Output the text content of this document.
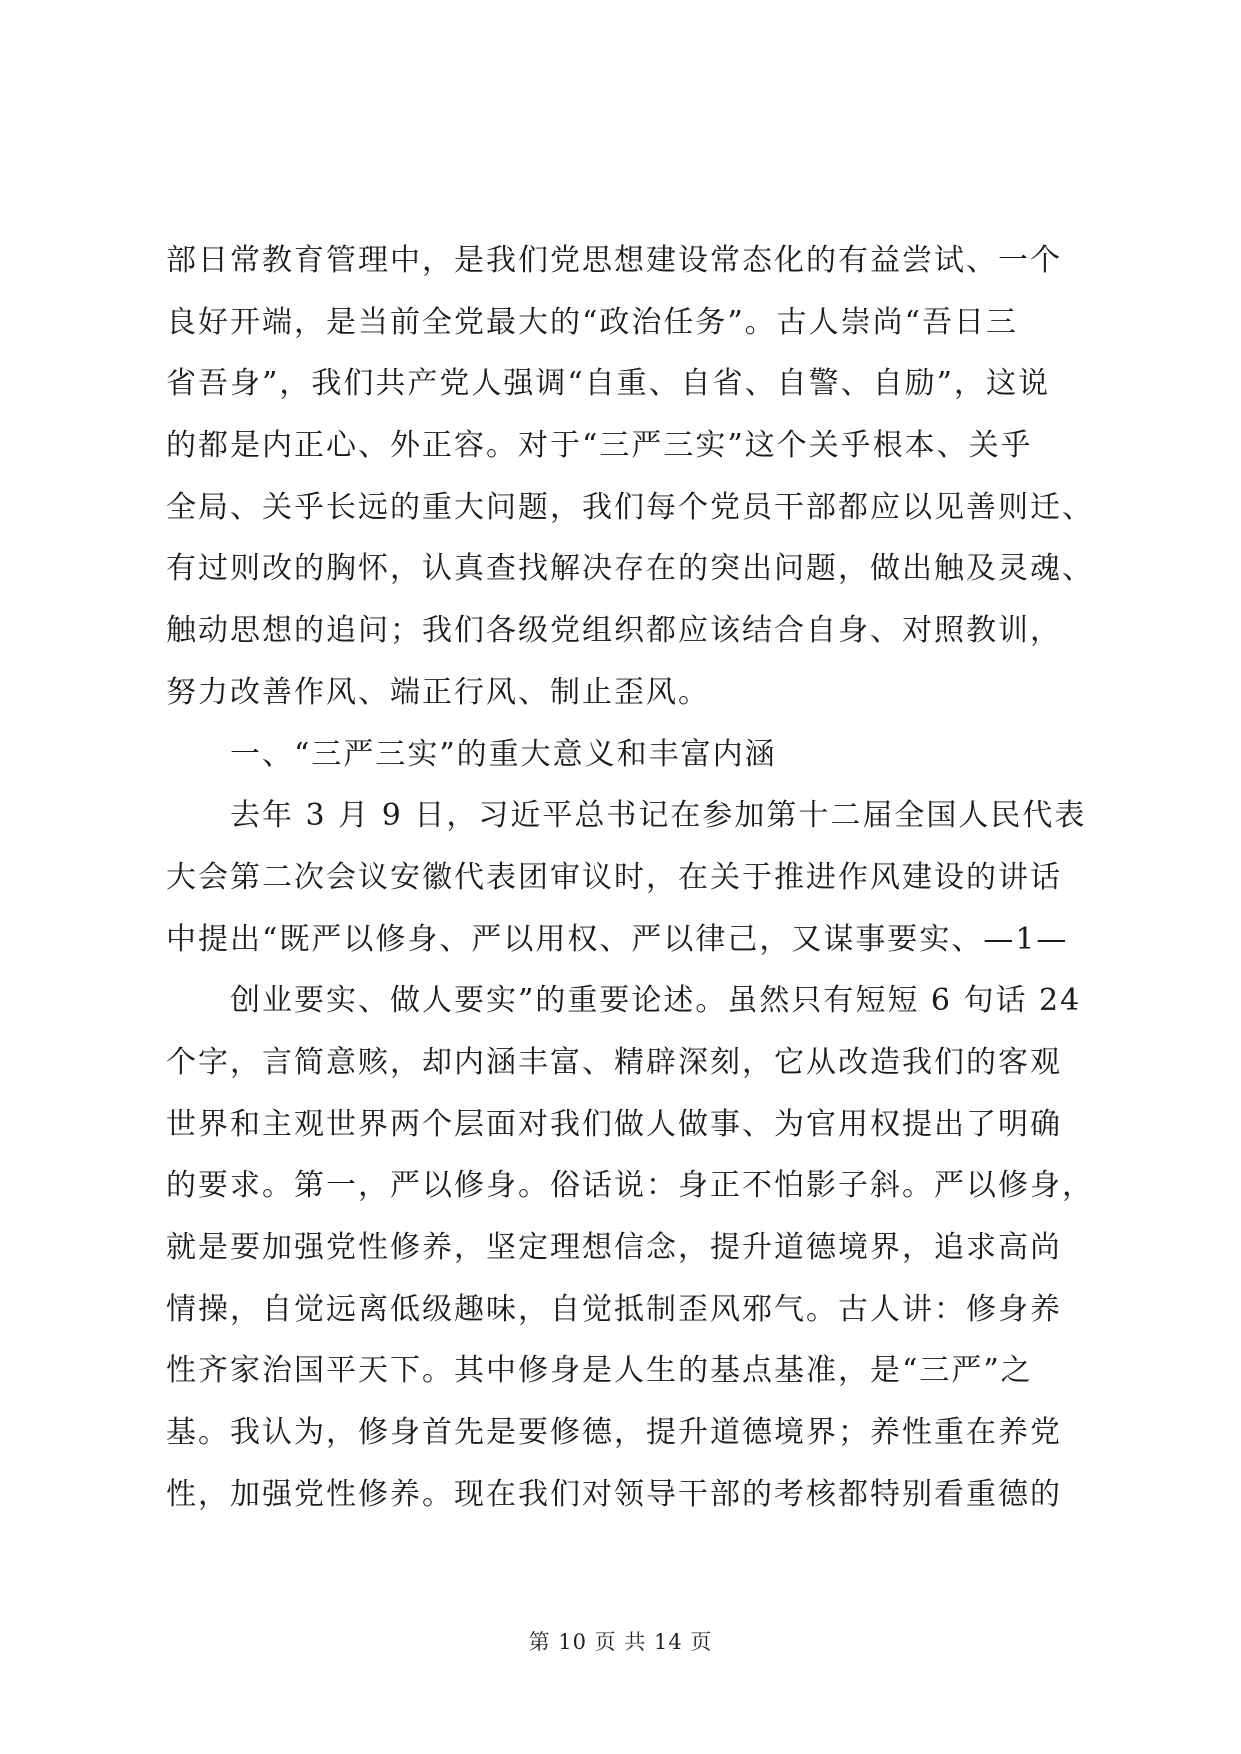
部日常教育管理中，是我们党思想建设常态化的有益尝试、一个
良好开端，是当前全党最大的“政治任务”。古人崇尚“吾日三
省吾身”，我们共产党人强调“自重、自省、自警、自励”，这说
的都是内正心、外正容。对于“三严三实”这个关乎根本、关乎
全局、关乎长远的重大问题，我们每个党员干部都应以见善则迁、
有过则改的胸怀，认真查找解决存在的突出问题，做出触及灵魂、
触动思想的追问；我们各级党组织都应该结合自身、对照教训，
努力改善作风、端正行风、制止歪风。
一、“三严三实”的重大意义和丰富内涵
去年 3 月 9 日，习近平总书记在参加第十二届全国人民代表
大会第二次会议安徽代表团审议时，在关于推进作风建设的讲话
中提出“既严以修身、严以用权、严以律己，又谋事要实、—1—
创业要实、做人要实”的重要论述。虽然只有短短 6 句话 24
个字，言简意赅，却内涵丰富、精辟深刻，它从改造我们的客观
世界和主观世界两个层面对我们做人做事、为官用权提出了明确
的要求。第一，严以修身。俗话说：身正不怕影子斜。严以修身，
就是要加强党性修养，坚定理想信念，提升道德境界，追求高尚
情操，自觉远离低级趣味，自觉抵制歪风邪气。古人讲：修身养
性齐家治国平天下。其中修身是人生的基点基准，是“三严”之
基。我认为，修身首先是要修德，提升道德境界；养性重在养党
性，加强党性修养。现在我们对领导干部的考核都特别看重德的
第 10 页 共 14 页
